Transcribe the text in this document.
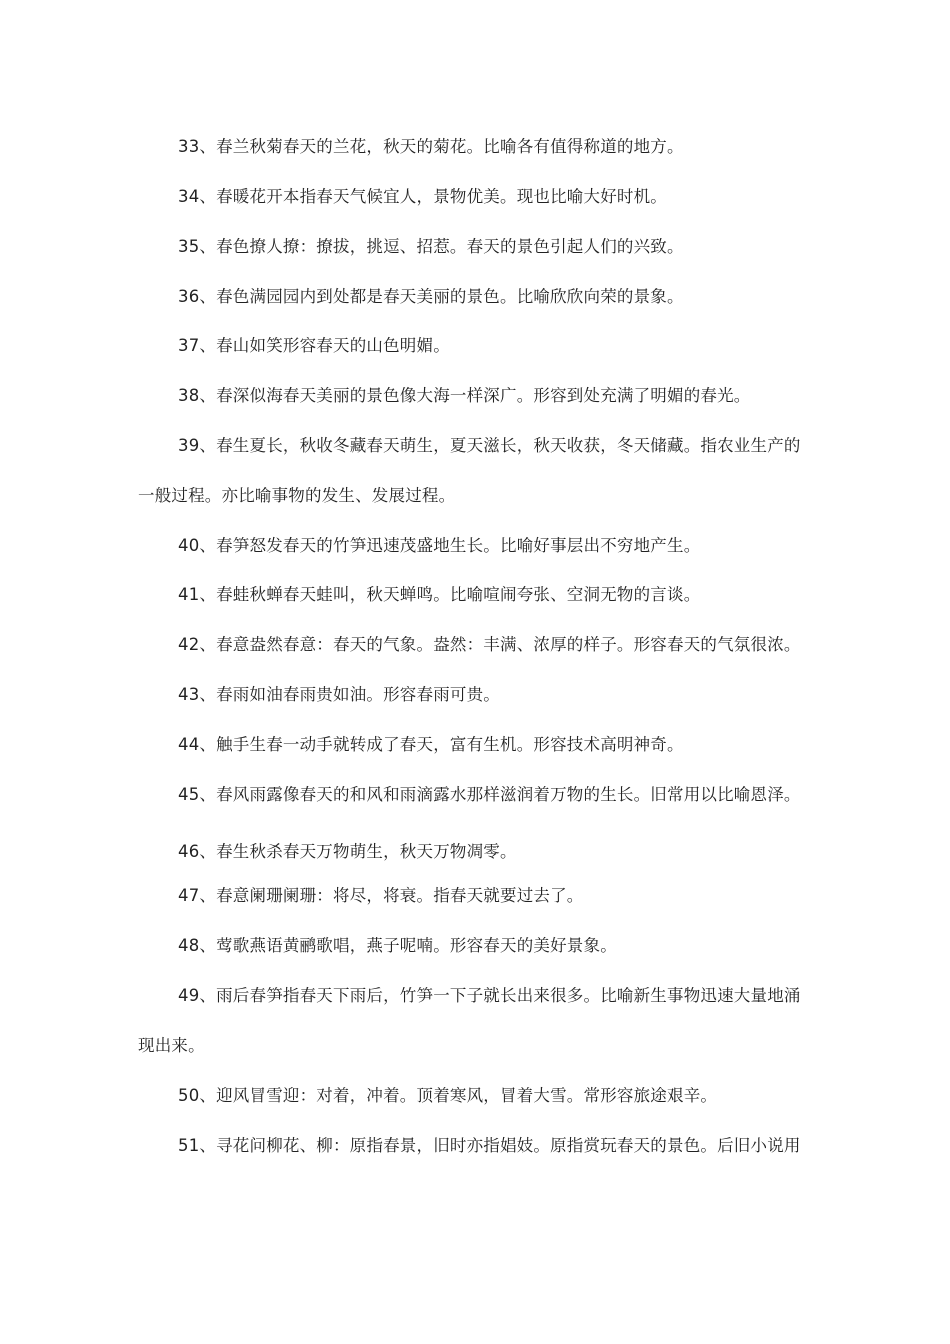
33、春兰秋菊春天的兰花，秋天的菊花。比喻各有值得称道的地方。
34、春暖花开本指春天气候宜人，景物优美。现也比喻大好时机。
35、春色撩人撩：撩拔，挑逗、招惹。春天的景色引起人们的兴致。
36、春色满园园内到处都是春天美丽的景色。比喻欣欣向荣的景象。
37、春山如笑形容春天的山色明媚。
38、春深似海春天美丽的景色像大海一样深广。形容到处充满了明媚的春光。
39、春生夏长，秋收冬藏春天萌生，夏天滋长，秋天收获，冬天储藏。指农业生产的
一般过程。亦比喻事物的发生、发展过程。
40、春笋怒发春天的竹笋迅速茂盛地生长。比喻好事层出不穷地产生。
41、春蛙秋蝉春天蛙叫，秋天蝉鸣。比喻喧闹夸张、空洞无物的言谈。
42、春意盎然春意：春天的气象。盎然：丰满、浓厚的样子。形容春天的气氛很浓。
43、春雨如油春雨贵如油。形容春雨可贵。
44、触手生春一动手就转成了春天，富有生机。形容技术高明神奇。
45、春风雨露像春天的和风和雨滴露水那样滋润着万物的生长。旧常用以比喻恩泽。
46、春生秋杀春天万物萌生，秋天万物凋零。
47、春意阑珊阑珊：将尽，将衰。指春天就要过去了。
48、莺歌燕语黄鹂歌唱，燕子呢喃。形容春天的美好景象。
49、雨后春笋指春天下雨后，竹笋一下子就长出来很多。比喻新生事物迅速大量地涌
现出来。
50、迎风冒雪迎：对着，冲着。顶着寒风，冒着大雪。常形容旅途艰辛。
51、寻花问柳花、柳：原指春景，旧时亦指娼妓。原指赏玩春天的景色。后旧小说用
